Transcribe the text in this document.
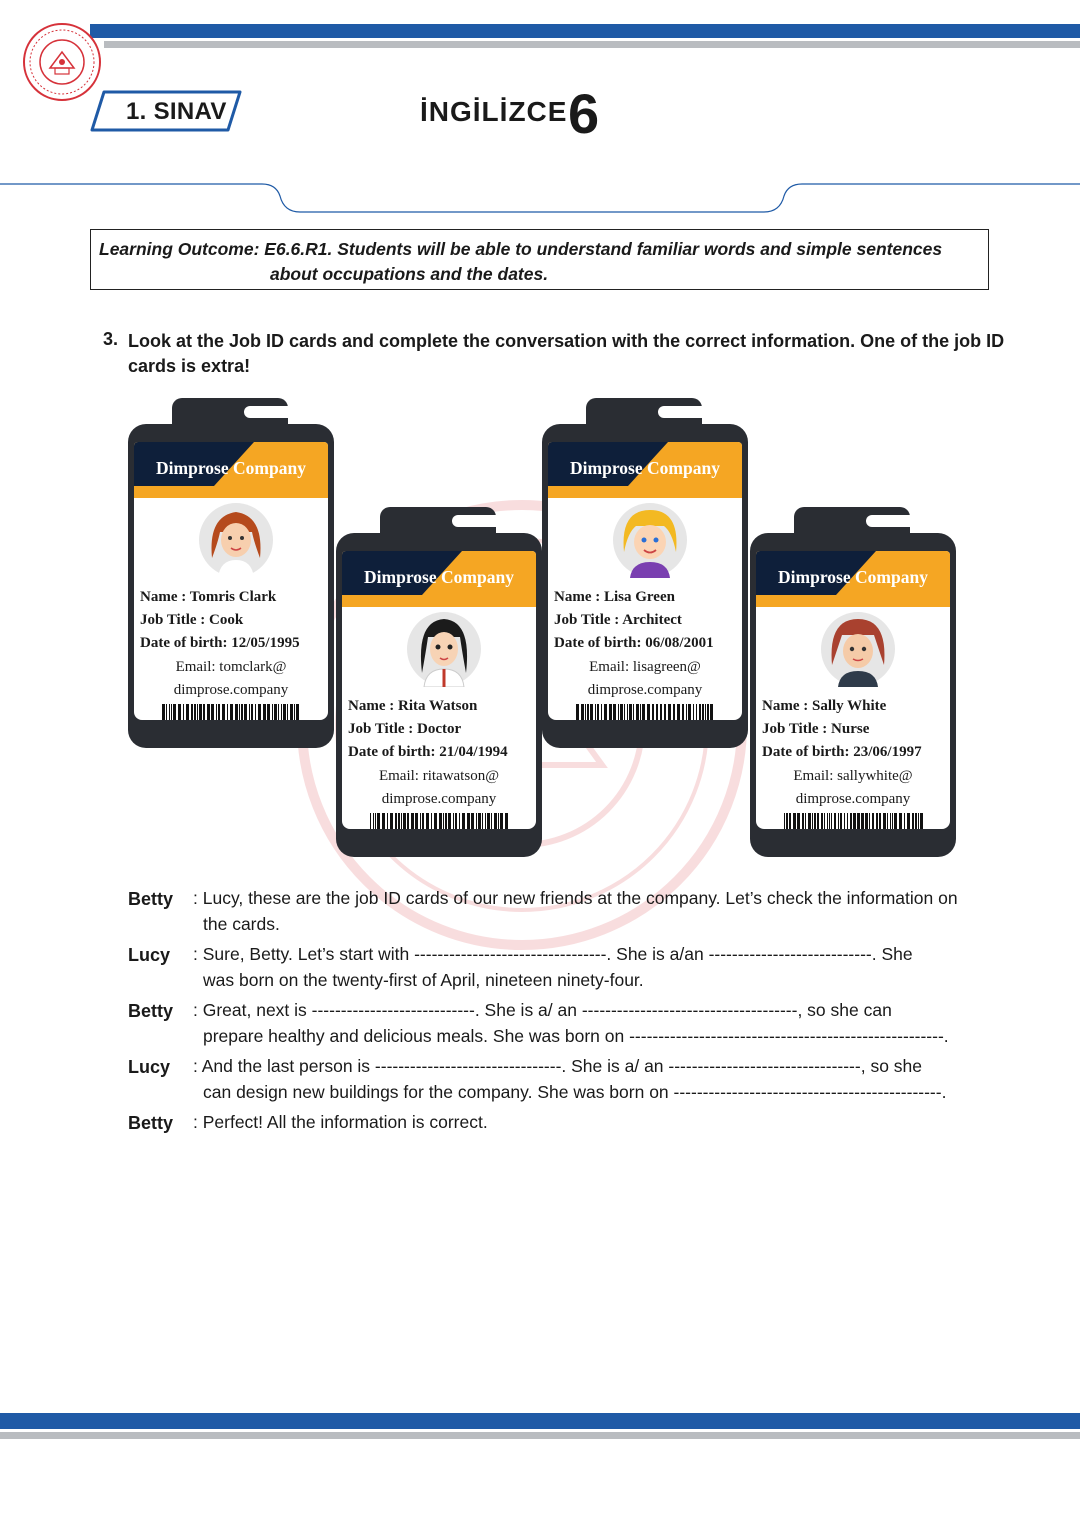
1. SINAV	İNGİLİZCE 6
Learning Outcome: E6.6.R1. Students will be able to understand familiar words and simple sentences
about occupations and the dates.
3. Look at the Job ID cards and complete the conversation with the correct information. One of the job ID cards is extra!
Dimprose Company
Name : Tomris Clark
Job Title : Cook
Date of birth: 12/05/1995
Email: tomclark@
dimprose.company
Dimprose Company
Name : Rita Watson
Job Title : Doctor
Date of birth: 21/04/1994
Email: ritawatson@
dimprose.company
Dimprose Company
Name : Lisa Green
Job Title : Architect
Date of birth: 06/08/2001
Email: lisagreen@
dimprose.company
Dimprose Company
Name : Sally White
Job Title : Nurse
Date of birth: 23/06/1997
Email: sallywhite@
dimprose.company
Betty : Lucy, these are the job ID cards of our new friends at the company. Let’s check the information on
the cards.
Lucy : Sure, Betty. Let’s start with ---------------------------------. She is a/an ----------------------------. She
was born on the twenty-first of April, nineteen ninety-four.
Betty : Great, next is ----------------------------. She is a/ an -------------------------------------, so she can
prepare healthy and delicious meals. She was born on ------------------------------------------------------.
Lucy : And the last person is --------------------------------. She is a/ an ---------------------------------, so she
can design new buildings for the company. She was born on ----------------------------------------------.
Betty : Perfect! All the information is correct.
